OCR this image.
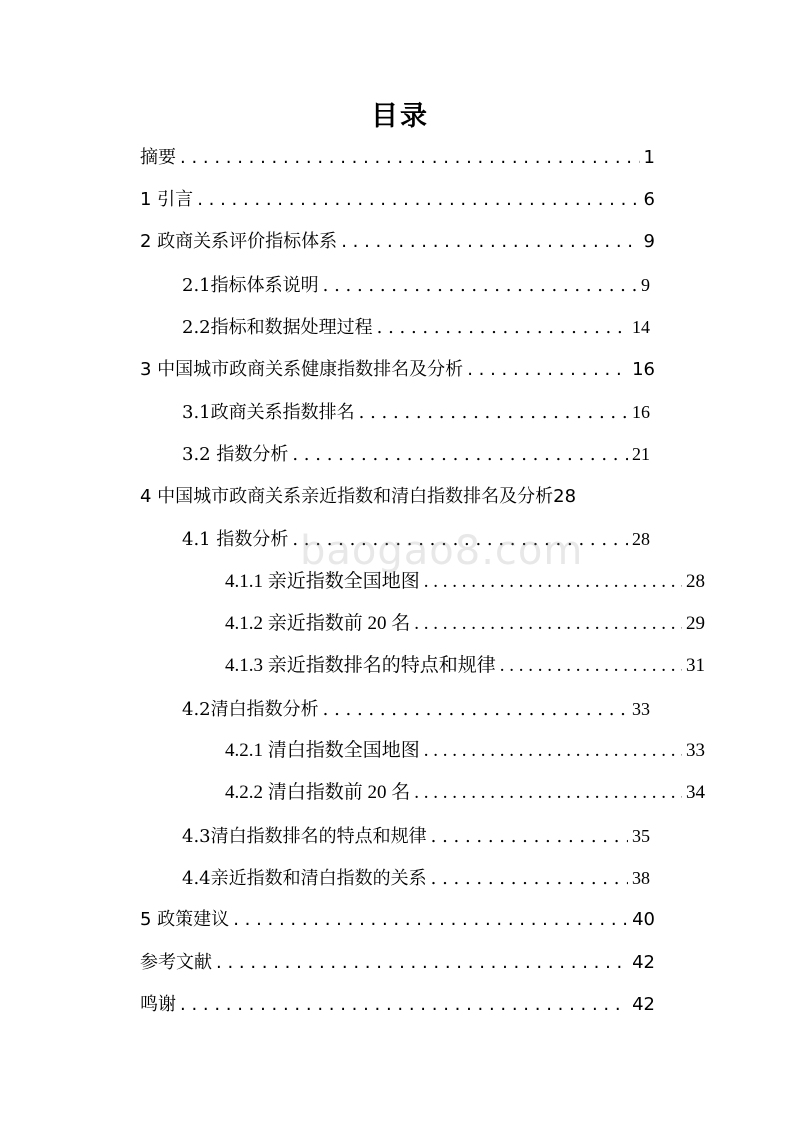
目录
摘要 . . .	1
1 引言 . . .	6
2 政商关系评价指标体系 . . .	9
2.1指标体系说明 . . .	9
2.2指标和数据处理过程 . . .	14
3 中国城市政商关系健康指数排名及分析 . . .	16
3.1政商关系指数排名 . . .	16
3.2 指数分析 . . .	21
4 中国城市政商关系亲近指数和清白指数排名及分析 28
4.1 指数分析 . . .	28
4.1.1 亲近指数全国地图 . . .	28
4.1.2 亲近指数前 20 名 . . .	29
4.1.3 亲近指数排名的特点和规律 . . .	31
4.2清白指数分析 . . .	33
4.2.1 清白指数全国地图 . . .	33
4.2.2 清白指数前 20 名 . . .	34
4.3清白指数排名的特点和规律 . . .	35
4.4亲近指数和清白指数的关系 . . .	38
5 政策建议 . . .	40
参考文献 . . .	42
鸣谢 . . .	42
baogao8.com
